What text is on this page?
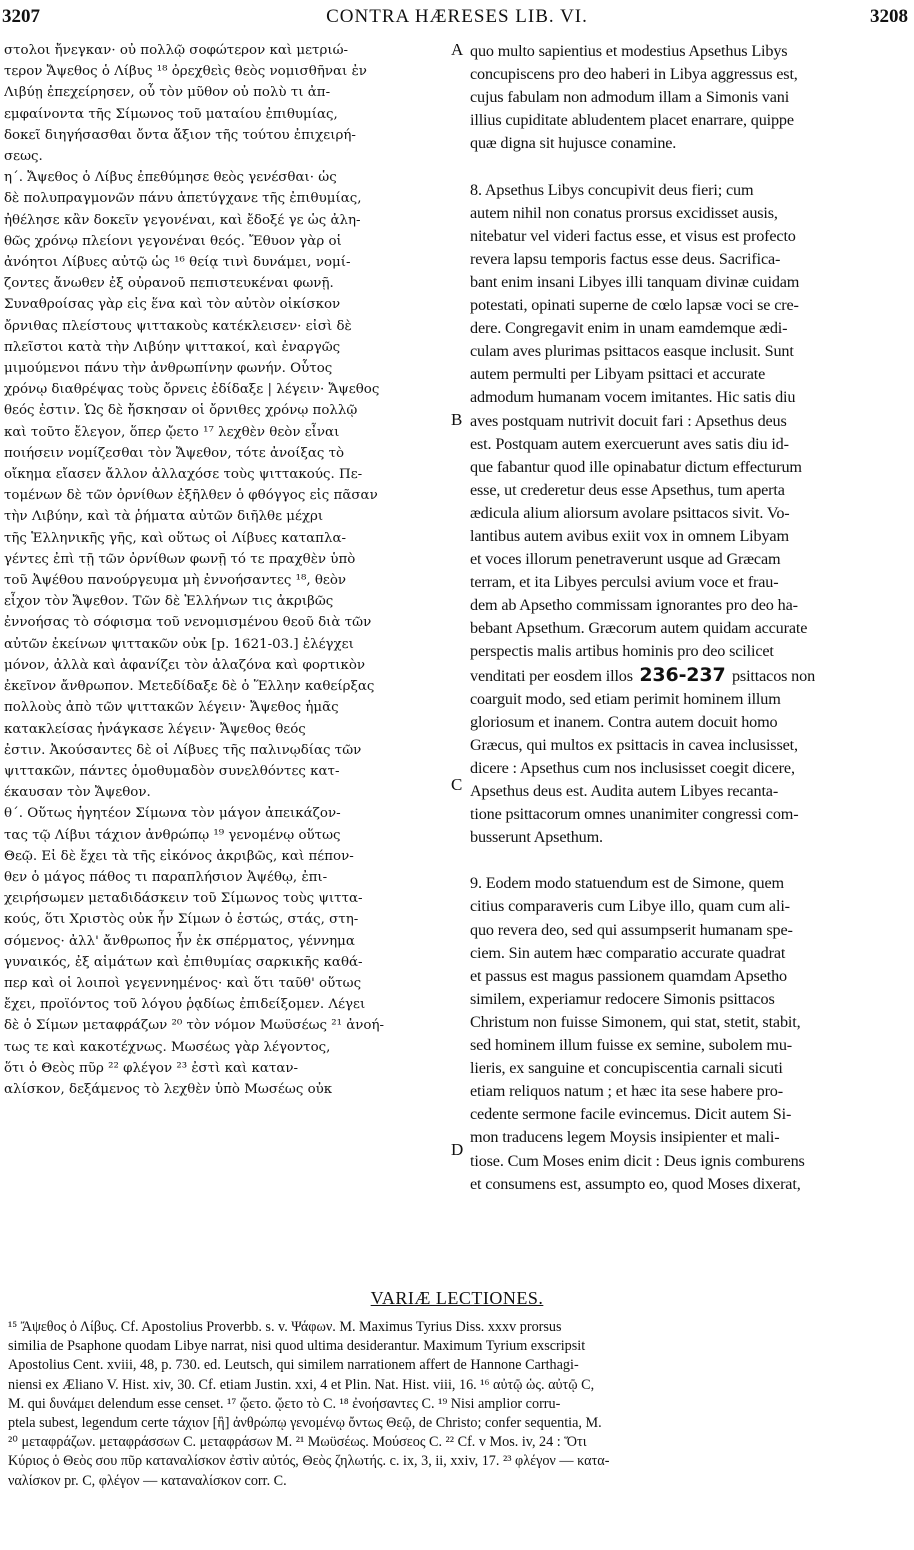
3207	CONTRA HÆRESES LIB. VI.	3208
στολοι ἤνεγκαν· οὐ πολλῷ σοφώτερον καὶ μετριώ-
τερον Ἄψεθος ὁ Λίβυς ¹⁸ ὀρεχθεὶς θεὸς νομισθῆναι ἐν
Λιβύῃ ἐπεχείρησεν, οὗ τὸν μῦθον οὐ πολὺ τι ἀπ-
εμφαίνοντα τῆς Σίμωνος τοῦ ματαίου ἐπιθυμίας,
δοκεῖ διηγήσασθαι ὄντα ἄξιον τῆς τούτου ἐπιχειρή-
σεως.
η΄. Ἄψεθος ὁ Λίβυς ἐπεθύμησε θεὸς γενέσθαι· ὡς
δὲ πολυπραγμονῶν πάνυ ἀπετύγχανε τῆς ἐπιθυμίας,
ἠθέλησε κἂν δοκεῖν γεγονέναι, καὶ ἔδοξέ γε ὡς ἀλη-
θῶς χρόνῳ πλείονι γεγονέναι θεός. Ἔθυον γὰρ οἱ
ἀνόητοι Λίβυες αὐτῷ ὡς ¹⁶ θείᾳ τινὶ δυνάμει, νομί-
ζοντες ἄνωθεν ἐξ οὐρανοῦ πεπιστευκέναι φωνῇ.
Συναθροίσας γὰρ εἰς ἕνα καὶ τὸν αὐτὸν οἰκίσκον
ὄρνιθας πλείστους ψιττακοὺς κατέκλεισεν· εἰσὶ δὲ
πλεῖστοι κατὰ τὴν Λιβύην ψιττακοί, καὶ ἐναργῶς
μιμούμενοι πάνυ τὴν ἀνθρωπίνην φωνήν. Οὗτος
χρόνῳ διαθρέψας τοὺς ὄρνεις ἐδίδαξε | λέγειν· Ἄψεθος
θεός ἐστιν. Ὡς δὲ ἤσκησαν οἱ ὄρνιθες χρόνῳ πολλῷ
καὶ τοῦτο ἔλεγον, ὅπερ ᾤετο ¹⁷ λεχθὲν θεὸν εἶναι
ποιήσειν νομίζεσθαι τὸν Ἄψεθον, τότε ἀνοίξας τὸ
οἴκημα εἴασεν ἄλλον ἀλλαχόσε τοὺς ψιττακούς. Πε-
τομένων δὲ τῶν ὀρνίθων ἐξῆλθεν ὁ φθόγγος εἰς πᾶσαν
τὴν Λιβύην, καὶ τὰ ῥήματα αὐτῶν διῆλθε μέχρι
τῆς Ἑλληνικῆς γῆς, καὶ οὕτως οἱ Λίβυες καταπλα-
γέντες ἐπὶ τῇ τῶν ὀρνίθων φωνῇ τό τε πραχθὲν ὑπὸ
τοῦ Ἀψέθου πανούργευμα μὴ ἐννοήσαντες ¹⁸, θεὸν
εἶχον τὸν Ἄψεθον. Τῶν δὲ Ἑλλήνων τις ἀκριβῶς
ἐννοήσας τὸ σόφισμα τοῦ νενομισμένου θεοῦ διὰ τῶν
αὐτῶν ἐκείνων ψιττακῶν οὐκ [p. 1621-03.] ἐλέγχει
μόνον, ἀλλὰ καὶ ἀφανίζει τὸν ἀλαζόνα καὶ φορτικὸν
ἐκεῖνον ἄνθρωπον. Μετεδίδαξε δὲ ὁ Ἕλλην καθείρξας
πολλοὺς ἀπὸ τῶν ψιττακῶν λέγειν· Ἄψεθος ἡμᾶς
κατακλείσας ἠνάγκασε λέγειν· Ἄψεθος θεός
ἐστιν. Ἀκούσαντες δὲ οἱ Λίβυες τῆς παλινῳδίας τῶν
ψιττακῶν, πάντες ὁμοθυμαδὸν συνελθόντες κατ-
έκαυσαν τὸν Ἄψεθον.
θ΄. Οὕτως ἡγητέον Σίμωνα τὸν μάγον ἀπεικάζον-
τας τῷ Λίβυι τάχιον ἀνθρώπῳ ¹⁹ γενομένῳ οὕτως
Θεῷ. Εἰ δὲ ἔχει τὰ τῆς εἰκόνος ἀκριβῶς, καὶ πέπον-
θεν ὁ μάγος πάθος τι παραπλήσιον Ἀψέθῳ, ἐπι-
χειρήσωμεν μεταδιδάσκειν τοῦ Σίμωνος τοὺς ψιττα-
κούς, ὅτι Χριστὸς οὐκ ἦν Σίμων ὁ ἑστώς, στάς, στη-
σόμενος· ἀλλ' ἄνθρωπος ἦν ἐκ σπέρματος, γέννημα
γυναικός, ἐξ αἱμάτων καὶ ἐπιθυμίας σαρκικῆς καθά-
περ καὶ οἱ λοιποὶ γεγεννημένος· καὶ ὅτι ταῦθ' οὕτως
ἔχει, προϊόντος τοῦ λόγου ῥᾳδίως ἐπιδείξομεν. Λέγει
δὲ ὁ Σίμων μεταφράζων ²⁰ τὸν νόμον Μωϋσέως ²¹ ἀνοή-
τως τε καὶ κακοτέχνως. Μωσέως γὰρ λέγοντος,
ὅτι ὁ Θεὸς πῦρ ²² φλέγον ²³ ἐστὶ καὶ καταν-
αλίσκον, δεξάμενος τὸ λεχθὲν ὑπὸ Μωσέως οὐκ
quo multo sapientius et modestius Apsethus Libys
concupiscens pro deo haberi in Libya aggressus est,
cujus fabulam non admodum illam a Simonis vani
illius cupiditate abludentem placet enarrare, quippe
quæ digna sit hujusce conamine.

8. Apsethus Libys concupivit deus fieri; cum
autem nihil non conatus prorsus excidisset ausis,
nitebatur vel videri factus esse, et visus est profecto
revera lapsu temporis factus esse deus. Sacrifica-
bant enim insani Libyes illi tanquam divinæ cuidam
potestati, opinati superne de cœlo lapsæ voci se cre-
dere. Congregavit enim in unam eamdemque ædi-
culam aves plurimas psittacos easque inclusit. Sunt
autem permulti per Libyam psittaci et accurate
admodum humanam vocem imitantes. Hic satis diu
aves postquam nutrivit docuit fari : Apsethus deus
est. Postquam autem exercuerunt aves satis diu id-
que fabantur quod ille opinabatur dictum effecturum
esse, ut crederetur deus esse Apsethus, tum aperta
ædicula alium aliorsum avolare psittacos sivit. Vo-
lantibus autem avibus exiit vox in omnem Libyam
et voces illorum penetraverunt usque ad Græcam
terram, et ita Libyes perculsi avium voce et frau-
dem ab Apsetho commissam ignorantes pro deo ha-
bebant Apsethum. Græcorum autem quidam accurate
perspectis malis artibus hominis pro deo scilicet
venditati per eosdem illos 236-237 psittacos non
coarguit modo, sed etiam perimit hominem illum
gloriosum et inanem. Contra autem docuit homo
Græcus, qui multos ex psittacis in cavea inclusisset,
dicere : Apsethus cum nos inclusisset coegit dicere,
Apsethus deus est. Audita autem Libyes recanta-
tione psittacorum omnes unanimiter congressi com-
busserunt Apsethum.

9. Eodem modo statuendum est de Simone, quem
citius comparaveris cum Libye illo, quam cum ali-
quo revera deo, sed qui assumpserit humanam spe-
ciem. Sin autem hæc comparatio accurate quadrat
et passus est magus passionem quamdam Apsetho
similem, experiamur redocere Simonis psittacos
Christum non fuisse Simonem, qui stat, stetit, stabit,
sed hominem illum fuisse ex semine, subolem mu-
lieris, ex sanguine et concupiscentia carnali sicuti
etiam reliquos natum ; et hæc ita sese habere pro-
cedente sermone facile evincemus. Dicit autem Si-
mon traducens legem Moysis insipienter et mali-
tiose. Cum Moses enim dicit : Deus ignis comburens
et consumens est, assumpto eo, quod Moses dixerat,
A
B
C
D
VARIÆ LECTIONES.
¹⁵ Ἄψεθος ὁ Λίβυς. Cf. Apostolius Proverbb. s. v. Ψάφων. M. Maximus Tyrius Diss. xxxv prorsus
similia de Psaphone quodam Libye narrat, nisi quod ultima desiderantur. Maximum Tyrium exscripsit
Apostolius Cent. xviii, 48, p. 730. ed. Leutsch, qui similem narrationem affert de Hannone Carthagi-
niensi ex Æliano V. Hist. xiv, 30. Cf. etiam Justin. xxi, 4 et Plin. Nat. Hist. viii, 16. ¹⁶ αὐτῷ ὡς. αὐτῷ C,
M. qui δυνάμει delendum esse censet. ¹⁷ ᾤετο. ᾤετο τὸ C. ¹⁸ ἐνοήσαντες C. ¹⁹ Nisi amplior corru-
ptela subest, legendum certe τάχιον [ἢ] ἀνθρώπῳ γενομένῳ ὄντως Θεῷ, de Christo; confer sequentia, M.
²⁰ μεταφράζων. μεταφράσσων C. μεταφράσων M. ²¹ Μωϋσέως. Μούσεος C. ²² Cf. v Mos. iv, 24 : Ὅτι
Κύριος ὁ Θεὸς σου πῦρ καταναλίσκον ἐστὶν αὐτός, Θεὸς ζηλωτής. c. ix, 3, ii, xxiv, 17. ²³ φλέγον — κατα-
ναλίσκον pr. C, φλέγον — καταναλίσκον corr. C.
